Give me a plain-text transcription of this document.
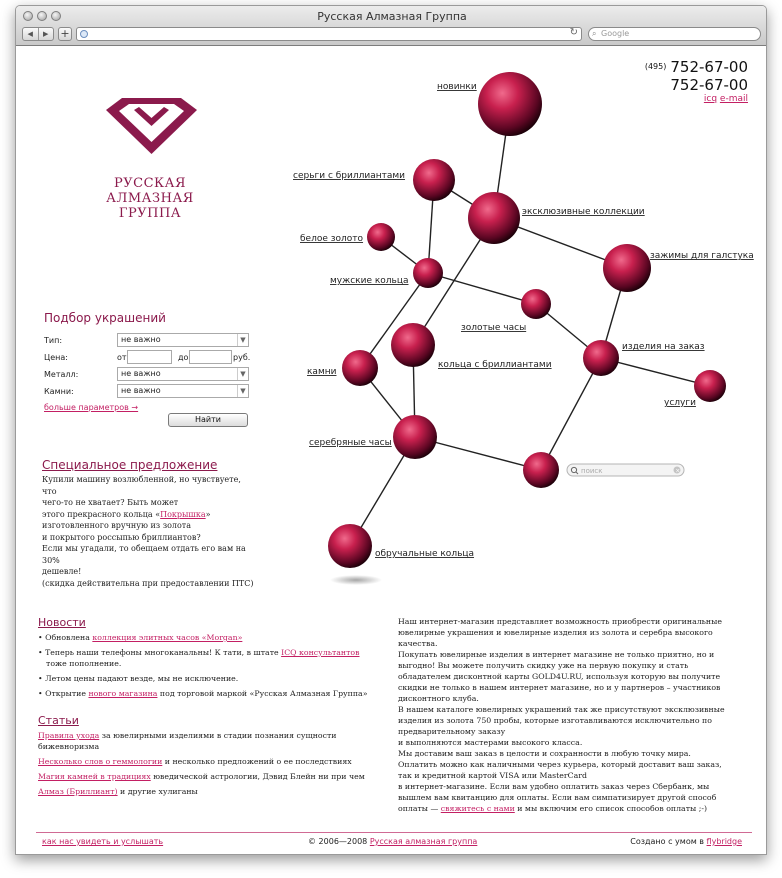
Русская Алмазная Группа
◀	▶	+	↻ ⌕ Google
РУССКАЯ
АЛМАЗНАЯ
ГРУППА
$^{(495)}$ 752-67-00
752-67-00
icq e-mail
новинки
серьги с бриллиантами
эксклюзивные коллекции
белое золото
зажимы для галстука
мужские кольца
золотые часы
кольца с бриллиантами
изделия на заказ
камни
услуги
серебряные часы
обручальные кольца
поиск	×
Подбор украшений
Тип:	не важно	▼
Цена:	от	до	руб.
Металл:	не важно	▼
Камни:	не важно	▼
больше параметров →
Найти
Специальное предложение

Купили машину возлюбленной, но чувствуете, что
чего-то не хватает? Быть может
этого прекрасного кольца «Покрышка»
изготовленного вручную из золота
и покрытого россыпью бриллиантов?
Если мы угадали, то обещаем отдать его вам на 30%
дешевле!
(скидка действительна при предоставлении ПТС)

Новости
• Обновлена коллекция элитных часов «Morgan»
• Теперь наши телефоны многоканальны! К тати, в штате ICQ консультантов тоже пополнение.
• Летом цены падают везде, мы не исключение.
• Открытие нового магазина под торговой маркой «Русская Алмазная Группа»
Статьи

Правила ухода за ювелирными изделиями в стадии познания сущности бижевноризма

Несколько слов о геммологии и несколько предложений о ее последствиях

Магия камней в традициях юведической астрологии, Дэвид Блейн ни при чем

Алмаз (Бриллиант) и другие хулиганы

Наш интернет-магазин представляет возможность приобрести оригинальные
ювелирные украшения и ювелирные изделия из золота и серебра высокого
качества.
Покупать ювелирные изделия в интернет магазине не только приятно, но и
выгодно! Вы можете получить скидку уже на первую покупку и стать
обладателем дисконтной карты GOLD4U.RU, используя которую вы получите
скидки не только в нашем интернет магазине, но и у партнеров – участников
дисконтного клуба.
В нашем каталоге ювелирных украшений так же присутствуют эксклюзивные
изделия из золота 750 пробы, которые изготавливаются исключительно по
предварительному заказу
и выполняются мастерами высокого класса.
Мы доставим ваш заказ в целости и сохранности в любую точку мира.
Оплатить можно как наличными через курьера, который доставит ваш заказ,
так и кредитной картой VISA или MasterCard
в интернет-магазине. Если вам удобно оплатить заказ через Сбербанк, мы
вышлем вам квитанцию для оплаты. Если вам симпатизирует другой способ
оплаты — свяжитесь с нами и мы включим его список способов оплаты ;-)

как нас увидеть и услышать	© 2006—2008 Русская алмазная группа	Создано с умом в flybridge
